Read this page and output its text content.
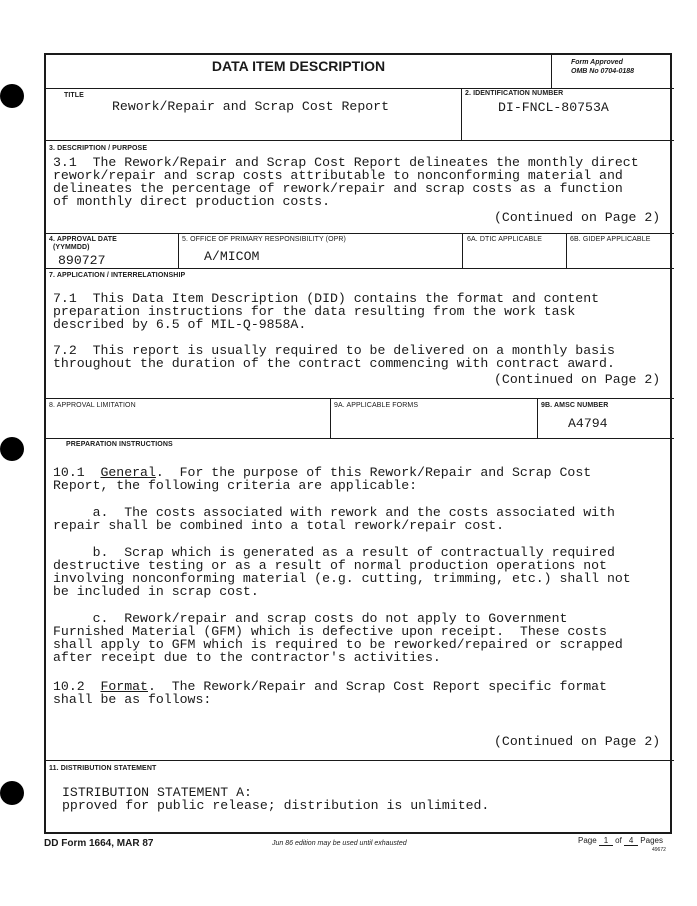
DATA ITEM DESCRIPTION	Form Approved
OMB No 0704-0188
TITLE
Rework/Repair and Scrap Cost Report
2. IDENTIFICATION NUMBER
DI-FNCL-80753A
3. DESCRIPTION / PURPOSE
3.1  The Rework/Repair and Scrap Cost Report delineates the monthly direct
rework/repair and scrap costs attributable to nonconforming material and
delineates the percentage of rework/repair and scrap costs as a function
of monthly direct production costs.
(Continued on Page 2)
4. APPROVAL DATE
(YYMMDD)
890727
5. OFFICE OF PRIMARY RESPONSIBILITY (OPR)
A/MICOM
6A. DTIC APPLICABLE	6B. GIDEP APPLICABLE
7. APPLICATION / INTERRELATIONSHIP
7.1  This Data Item Description (DID) contains the format and content
preparation instructions for the data resulting from the work task
described by 6.5 of MIL-Q-9858A.
7.2  This report is usually required to be delivered on a monthly basis
throughout the duration of the contract commencing with contract award.
(Continued on Page 2)
8. APPROVAL LIMITATION	9A. APPLICABLE FORMS	9B. AMSC NUMBER
A4794
PREPARATION INSTRUCTIONS
10.1  General.  For the purpose of this Rework/Repair and Scrap Cost
Report, the following criteria are applicable:
a.  The costs associated with rework and the costs associated with
repair shall be combined into a total rework/repair cost.
b.  Scrap which is generated as a result of contractually required
destructive testing or as a result of normal production operations not
involving nonconforming material (e.g. cutting, trimming, etc.) shall not
be included in scrap cost.
c.  Rework/repair and scrap costs do not apply to Government
Furnished Material (GFM) which is defective upon receipt.  These costs
shall apply to GFM which is required to be reworked/repaired or scrapped
after receipt due to the contractor's activities.
10.2  Format.  The Rework/Repair and Scrap Cost Report specific format
shall be as follows:
(Continued on Page 2)
11. DISTRIBUTION STATEMENT
ISTRIBUTION STATEMENT A:
pproved for public release; distribution is unlimited.
DD Form 1664, MAR 87	Jun 86 edition may be used until exhausted	Page 1 of 4 Pages
49672
